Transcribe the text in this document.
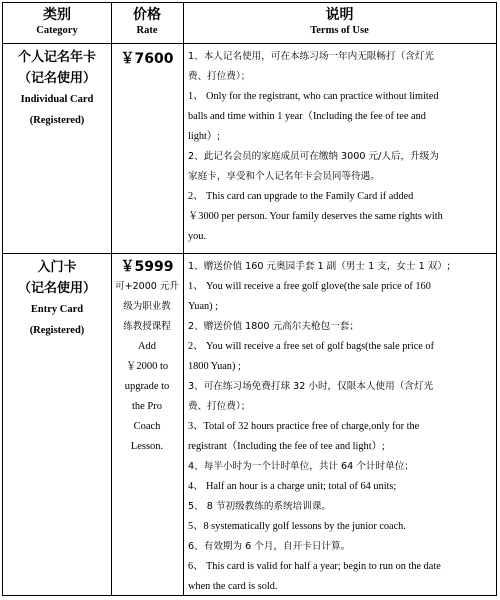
类别
Category
价格
Rate
说明
Terms of Use
个人记名年卡
（记名使用）
Individual Card
(Registered)
￥7600	1、本人记名使用，可在本练习场一年内无限畅打（含灯光
费、打位费）；
1、 Only for the registrant, who can practice without limited
balls and time within 1 year（Including the fee of tee and
light）;
2、此记名会员的家庭成员可在缴纳 3000 元/人后，升级为
家庭卡，享受和个人记名年卡会员同等待遇。
2、 This card can upgrade to the Family Card if added
￥3000 per person. Your family deserves the same rights with
you.
入门卡
（记名使用）
Entry Card
(Registered)
￥5999
可+2000 元升
级为职业教
练教授课程
Add
￥2000 to
upgrade to
the Pro
Coach
Lesson.
1、赠送价值 160 元奥园手套 1 副（男士 1 支，女士 1 双）;
1、 You will receive a free golf glove(the sale price of 160
Yuan) ;
2、赠送价值 1800 元高尔夫枪包一套；
2、 You will receive a free set of golf bags(the sale price of
1800 Yuan) ;
3、可在练习场免费打球 32 小时，仅限本人使用（含灯光
费、打位费）；
3、Total of 32 hours practice free of charge,only for the
registrant（Including the fee of tee and light）;
4、每半小时为一个计时单位，共计 64 个计时单位；
4、 Half an hour is a charge unit; total of 64 units;
5、 8 节初级教练的系统培训课。
5、8 systematically golf lessons by the junior coach.
6、有效期为 6 个月，自开卡日计算。
6、 This card is valid for half a year; begin to run on the date
when the card is sold.
